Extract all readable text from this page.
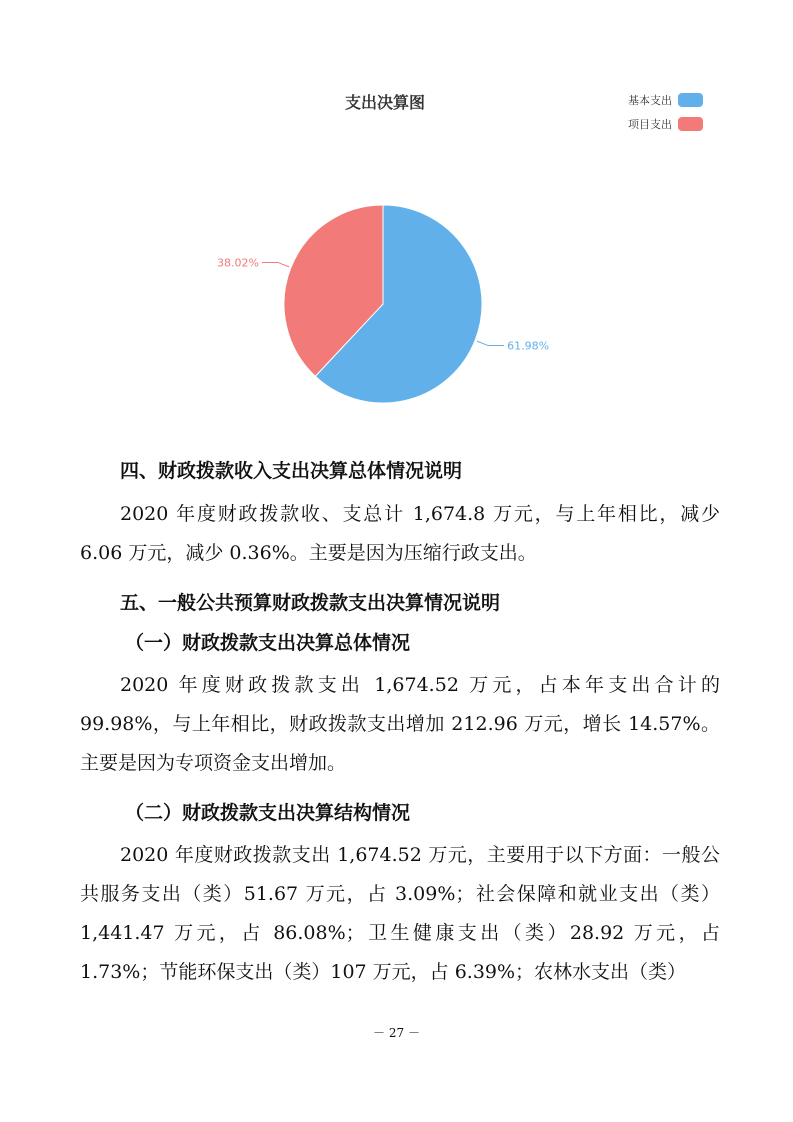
支出决算图	基本支出
项目支出
61.98%
38.02%
四、财政拨款收入支出决算总体情况说明
2020 年度财政拨款收、支总计 1,674.8 万元，与上年相比，减少 6.06 万元，减少 0.36%。主要是因为压缩行政支出。
五、一般公共预算财政拨款支出决算情况说明
（一）财政拨款支出决算总体情况
2020 年度财政拨款支出 1,674.52 万元，占本年支出合计的 99.98%，与上年相比，财政拨款支出增加 212.96 万元，增长 14.57%。主要是因为专项资金支出增加。
（二）财政拨款支出决算结构情况
2020 年度财政拨款支出 1,674.52 万元，主要用于以下方面：一般公共服务支出（类）51.67 万元，占 3.09%；社会保障和就业支出（类）1,441.47 万元，占 86.08%；卫生健康支出（类）28.92 万元，占 1.73%；节能环保支出（类）107 万元，占 6.39%；农林水支出（类）
－ 27 －
